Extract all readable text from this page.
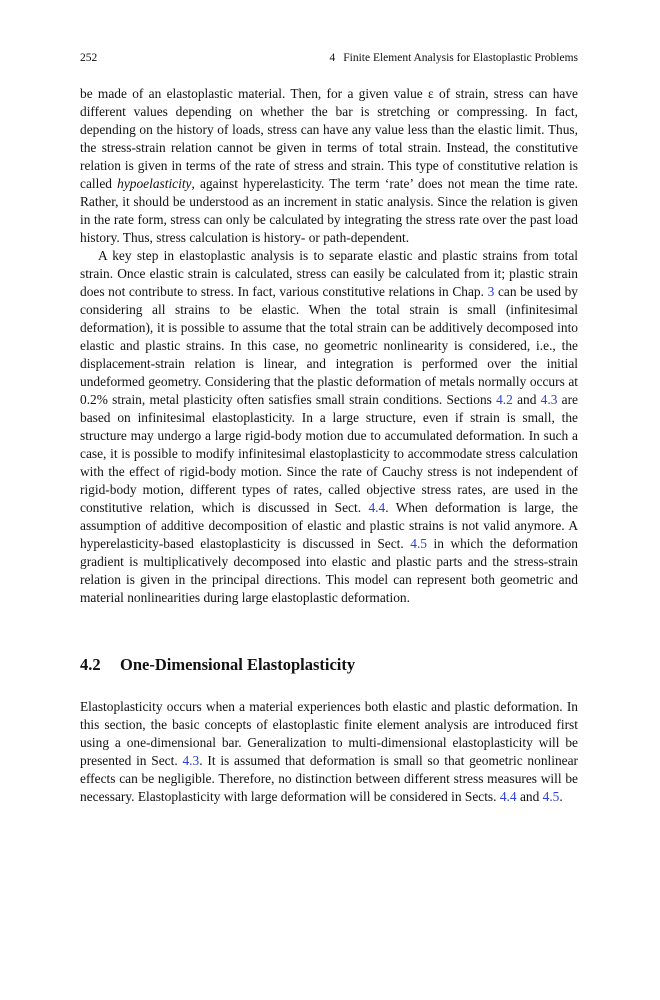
252	4 Finite Element Analysis for Elastoplastic Problems

be made of an elastoplastic material. Then, for a given value ε of strain, stress can have different values depending on whether the bar is stretching or compressing. In fact, depending on the history of loads, stress can have any value less than the elastic limit. Thus, the stress-strain relation cannot be given in terms of total strain. Instead, the constitutive relation is given in terms of the rate of stress and strain. This type of constitutive relation is called hypoelasticity, against hyperelasticity. The term ‘rate’ does not mean the time rate. Rather, it should be understood as an increment in static analysis. Since the relation is given in the rate form, stress can only be calculated by integrating the stress rate over the past load history. Thus, stress calculation is history- or path-dependent.

A key step in elastoplastic analysis is to separate elastic and plastic strains from total strain. Once elastic strain is calculated, stress can easily be calculated from it; plastic strain does not contribute to stress. In fact, various constitutive relations in Chap. 3 can be used by considering all strains to be elastic. When the total strain is small (infinitesimal deformation), it is possible to assume that the total strain can be additively decomposed into elastic and plastic strains. In this case, no geometric nonlinearity is considered, i.e., the displacement-strain relation is linear, and integration is performed over the initial undeformed geometry. Considering that the plastic deformation of metals normally occurs at 0.2% strain, metal plasticity often satisfies small strain conditions. Sections 4.2 and 4.3 are based on infinitesimal elastoplasticity. In a large structure, even if strain is small, the structure may undergo a large rigid-body motion due to accumulated deformation. In such a case, it is possible to modify infinitesimal elastoplasticity to accommodate stress calculation with the effect of rigid-body motion. Since the rate of Cauchy stress is not independent of rigid-body motion, different types of rates, called objective stress rates, are used in the constitutive relation, which is discussed in Sect. 4.4. When deformation is large, the assumption of additive decomposition of elastic and plastic strains is not valid anymore. A hyperelasticity-based elastoplasticity is discussed in Sect. 4.5 in which the deformation gradient is multiplicatively decomposed into elastic and plastic parts and the stress-strain relation is given in the principal directions. This model can represent both geometric and material nonlinearities during large elastoplastic deformation.

4.2 One-Dimensional Elastoplasticity

Elastoplasticity occurs when a material experiences both elastic and plastic deformation. In this section, the basic concepts of elastoplastic finite element analysis are introduced first using a one-dimensional bar. Generalization to multi-dimensional elastoplasticity will be presented in Sect. 4.3. It is assumed that deformation is small so that geometric nonlinear effects can be negligible. Therefore, no distinction between different stress measures will be necessary. Elastoplasticity with large deformation will be considered in Sects. 4.4 and 4.5.
